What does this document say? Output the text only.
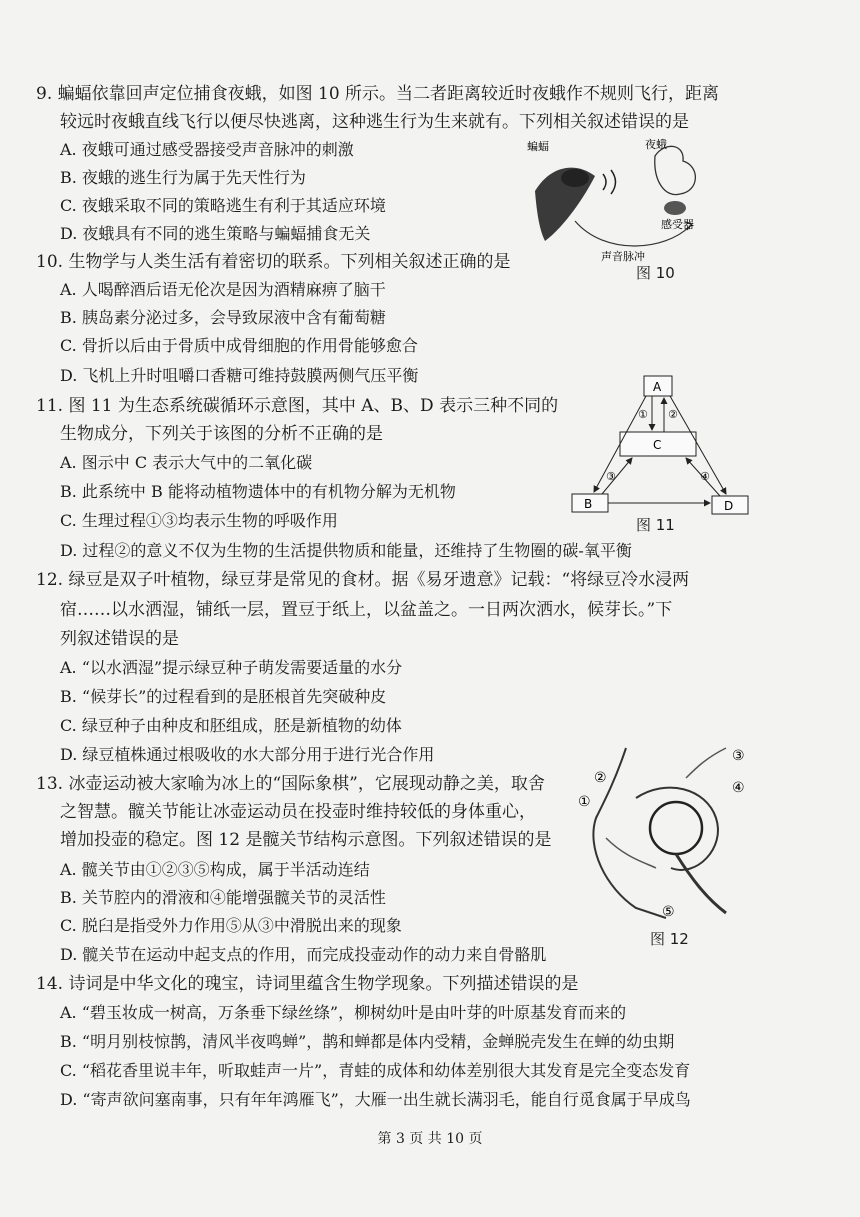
9. 蝙蝠依靠回声定位捕食夜蛾，如图 10 所示。当二者距离较近时夜蛾作不规则飞行，距离
较远时夜蛾直线飞行以便尽快逃离，这种逃生行为生来就有。下列相关叙述错误的是
A. 夜蛾可通过感受器接受声音脉冲的刺激
B. 夜蛾的逃生行为属于先天性行为
C. 夜蛾采取不同的策略逃生有利于其适应环境
D. 夜蛾具有不同的逃生策略与蝙蝠捕食无关
蝙蝠	夜蛾
感受器
声音脉冲
图 10
10. 生物学与人类生活有着密切的联系。下列相关叙述正确的是
A. 人喝醉酒后语无伦次是因为酒精麻痹了脑干
B. 胰岛素分泌过多，会导致尿液中含有葡萄糖
C. 骨折以后由于骨质中成骨细胞的作用骨能够愈合
D. 飞机上升时咀嚼口香糖可维持鼓膜两侧气压平衡
11. 图 11 为生态系统碳循环示意图，其中 A、B、D 表示三种不同的
生物成分，下列关于该图的分析不正确的是
A. 图示中 C 表示大气中的二氧化碳
B. 此系统中 B 能将动植物遗体中的有机物分解为无机物
C. 生理过程①③均表示生物的呼吸作用
D. 过程②的意义不仅为生物的生活提供物质和能量，还维持了生物圈的碳-氧平衡
A
C
B	D
① ②
③	④
图 11
12. 绿豆是双子叶植物，绿豆芽是常见的食材。据《易牙遗意》记载：“将绿豆冷水浸两
宿……以水洒湿，铺纸一层，置豆于纸上，以盆盖之。一日两次洒水，候芽长。”下
列叙述错误的是
A. “以水洒湿”提示绿豆种子萌发需要适量的水分
B. “候芽长”的过程看到的是胚根首先突破种皮
C. 绿豆种子由种皮和胚组成，胚是新植物的幼体
D. 绿豆植株通过根吸收的水大部分用于进行光合作用
13. 冰壶运动被大家喻为冰上的“国际象棋”，它展现动静之美，取舍
之智慧。髋关节能让冰壶运动员在投壶时维持较低的身体重心，
增加投壶的稳定。图 12 是髋关节结构示意图。下列叙述错误的是
A. 髋关节由①②③⑤构成，属于半活动连结
B. 关节腔内的滑液和④能增强髋关节的灵活性
C. 脱臼是指受外力作用⑤从③中滑脱出来的现象
D. 髋关节在运动中起支点的作用，而完成投壶动作的动力来自骨骼肌
①
②
③
④
⑤
图 12
14. 诗词是中华文化的瑰宝，诗词里蕴含生物学现象。下列描述错误的是
A. “碧玉妆成一树高，万条垂下绿丝绦”，柳树幼叶是由叶芽的叶原基发育而来的
B. “明月别枝惊鹊，清风半夜鸣蝉”，鹊和蝉都是体内受精，金蝉脱壳发生在蝉的幼虫期
C. “稻花香里说丰年，听取蛙声一片”，青蛙的成体和幼体差别很大其发育是完全变态发育
D. “寄声欲问塞南事，只有年年鸿雁飞”，大雁一出生就长满羽毛，能自行觅食属于早成鸟
第 3 页 共 10 页
